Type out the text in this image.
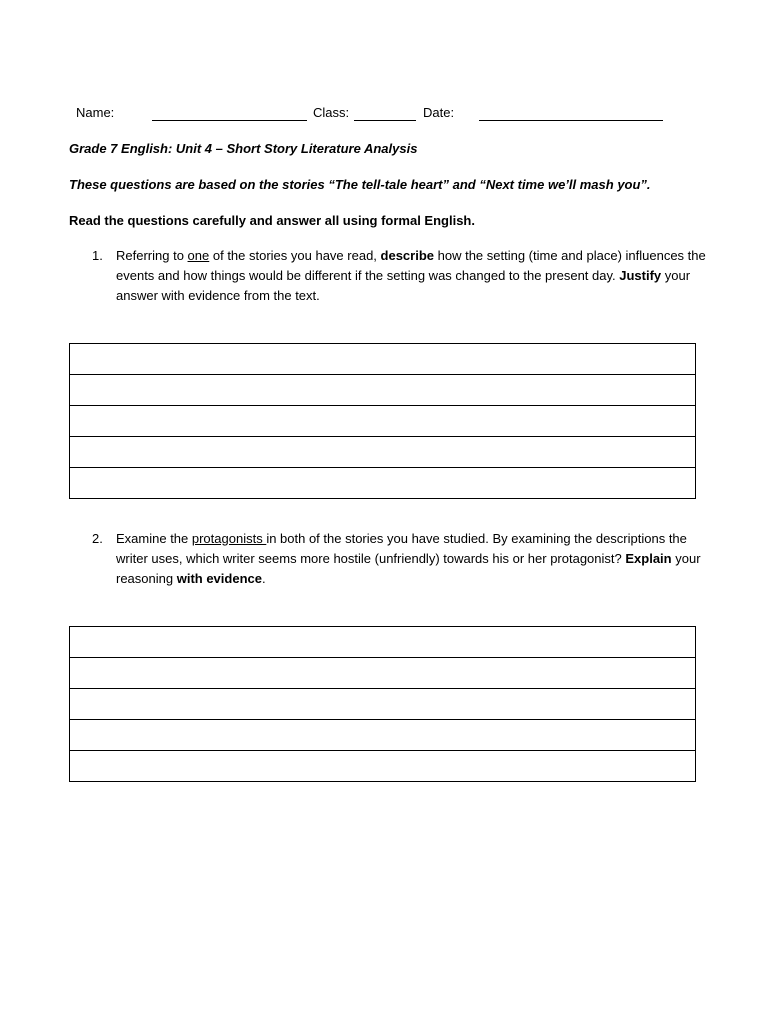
Name:	Class:	Date:
Grade 7 English: Unit 4 – Short Story Literature Analysis
These questions are based on the stories “The tell-tale heart” and “Next time we’ll mash you”.
Read the questions carefully and answer all using formal English.
1. Referring to one of the stories you have read, describe how the setting (time and place) influences the events and how things would be different if the setting was changed to the present day. Justify your answer with evidence from the text.

2. Examine the protagonists in both of the stories you have studied. By examining the descriptions the writer uses, which writer seems more hostile (unfriendly) towards his or her protagonist? Explain your reasoning with evidence.
